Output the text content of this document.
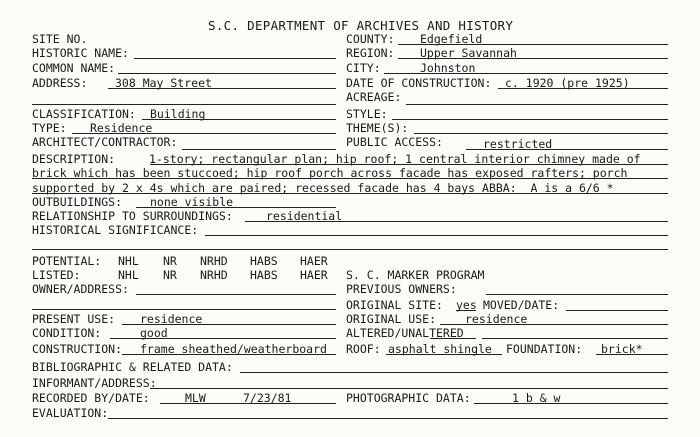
S.C. DEPARTMENT OF ARCHIVES AND HISTORY
SITE NO.
HISTORIC NAME:
COMMON NAME:
ADDRESS: 308 May Street
CLASSIFICATION: Building
TYPE: Residence
ARCHITECT/CONTRACTOR:
COUNTY: Edgefield
REGION: Upper Savannah
CITY:	Johnston
DATE OF CONSTRUCTION: c. 1920 (pre 1925)
ACREAGE:
STYLE:
THEME(S):
PUBLIC ACCESS:	restricted
DESCRIPTION:	1-story; rectangular plan; hip roof; 1 central interior chimney made of
brick which has been stuccoed; hip roof porch across facade has exposed rafters; porch
supported by 2 x 4s which are paired; recessed facade has 4 bays ABBA:  A is a 6/6 *
OUTBUILDINGS: none visible
RELATIONSHIP TO SURROUNDINGS:	residential
HISTORICAL SIGNIFICANCE:
POTENTIAL: NHL NR NRHD HABS HAER
LISTED:	NHL NR NRHD HABS HAER S. C. MARKER PROGRAM
OWNER/ADDRESS:	PREVIOUS OWNERS:
ORIGINAL SITE: yes MOVED/DATE:
PRESENT USE: residence	ORIGINAL USE:	residence
CONDITION:	good	ALTERED/UNALTERED
CONSTRUCTION: frame sheathed/weatherboard ROOF: asphalt shingle FOUNDATION: brick*
BIBLIOGRAPHIC & RELATED DATA:
INFORMANT/ADDRESS:
RECORDED BY/DATE:	MLW	7/23/81	PHOTOGRAPHIC DATA:	1 b & w
EVALUATION:
